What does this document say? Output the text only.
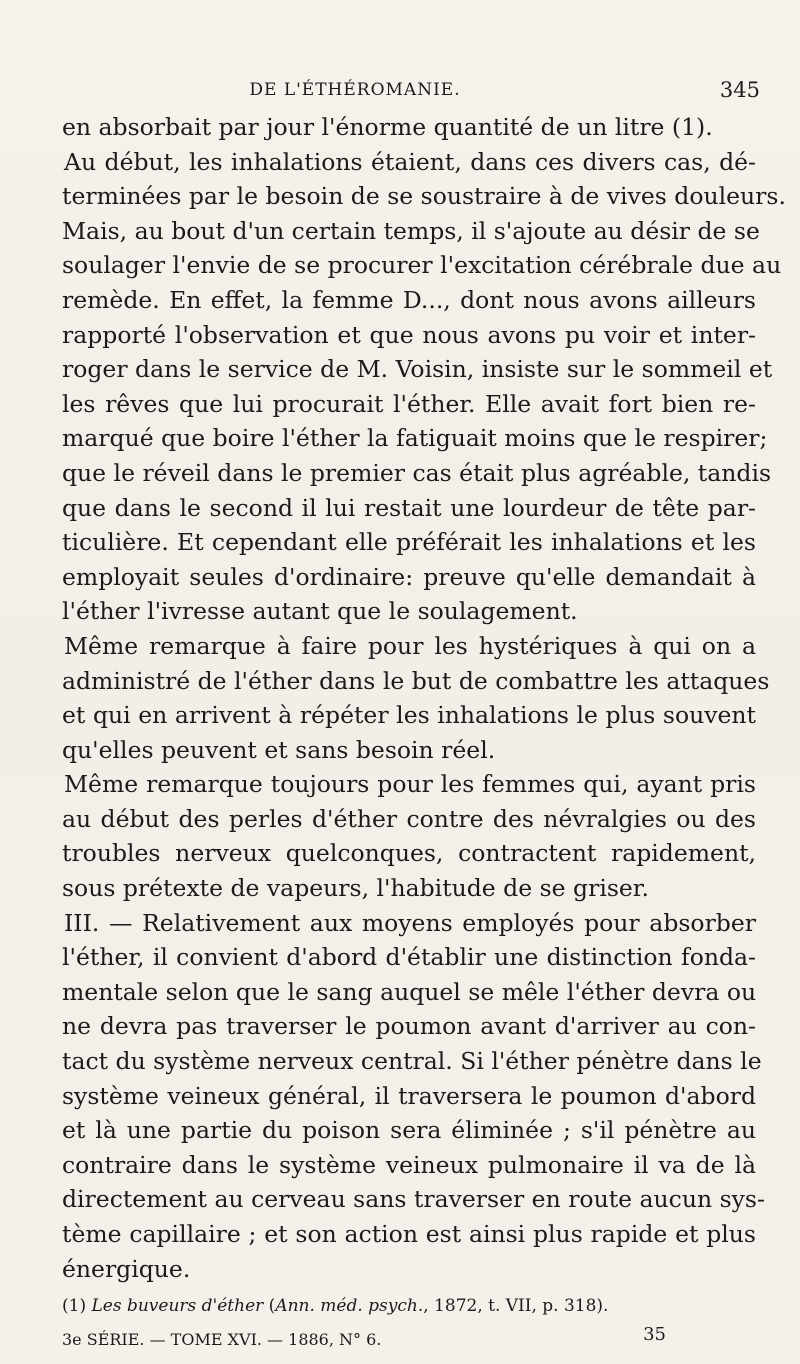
DE L'ÉTHÉROMANIE.	345
en absorbait par jour l'énorme quantité de un litre (1).
Au début, les inhalations étaient, dans ces divers cas, dé-
terminées par le besoin de se soustraire à de vives douleurs.
Mais, au bout d'un certain temps, il s'ajoute au désir de se
soulager l'envie de se procurer l'excitation cérébrale due au
remède. En effet, la femme D..., dont nous avons ailleurs
rapporté l'observation et que nous avons pu voir et inter-
roger dans le service de M. Voisin, insiste sur le sommeil et
les rêves que lui procurait l'éther. Elle avait fort bien re-
marqué que boire l'éther la fatiguait moins que le respirer;
que le réveil dans le premier cas était plus agréable, tandis
que dans le second il lui restait une lourdeur de tête par-
ticulière. Et cependant elle préférait les inhalations et les
employait seules d'ordinaire: preuve qu'elle demandait à
l'éther l'ivresse autant que le soulagement.
Même remarque à faire pour les hystériques à qui on a
administré de l'éther dans le but de combattre les attaques
et qui en arrivent à répéter les inhalations le plus souvent
qu'elles peuvent et sans besoin réel.
Même remarque toujours pour les femmes qui, ayant pris
au début des perles d'éther contre des névralgies ou des
troubles nerveux quelconques, contractent rapidement,
sous prétexte de vapeurs, l'habitude de se griser.
III. — Relativement aux moyens employés pour absorber
l'éther, il convient d'abord d'établir une distinction fonda-
mentale selon que le sang auquel se mêle l'éther devra ou
ne devra pas traverser le poumon avant d'arriver au con-
tact du système nerveux central. Si l'éther pénètre dans le
système veineux général, il traversera le poumon d'abord
et là une partie du poison sera éliminée ; s'il pénètre au
contraire dans le système veineux pulmonaire il va de là
directement au cerveau sans traverser en route aucun sys-
tème capillaire ; et son action est ainsi plus rapide et plus
énergique.
(1) Les buveurs d'éther (Ann. méd. psych., 1872, t. VII, p. 318).
3e SÉRIE. — TOME XVI. — 1886, N° 6.	35
